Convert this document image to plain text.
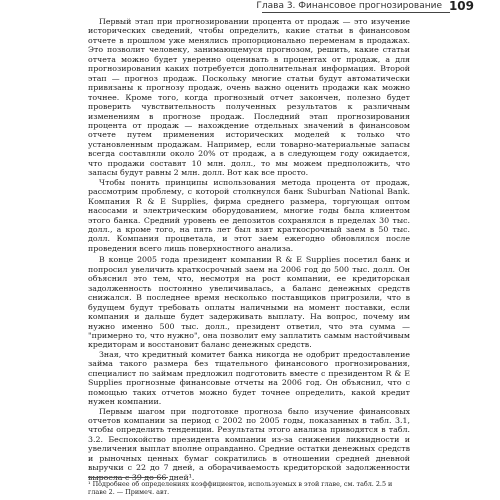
Глава 3. Финансовое прогнозирование 109

Первый этап при прогнозировании процента от продаж — это изучение исторических сведений, чтобы определить, какие статьи в финансовом отчете в прошлом уже менялись пропорционально переменам в продажах. Это позволит человеку, занимающемуся прогнозом, решить, какие статьи отчета можно будет уверенно оценивать в процентах от продаж, а для прогнозирования каких потребуется дополнительная информация. Второй этап — прогноз продаж. Поскольку многие статьи будут автоматически привязаны к прогнозу продаж, очень важно оценить продажи как можно точнее. Кроме того, когда прогнозный отчет закончен, полезно будет проверить чувствительность полученных результатов к различным изменениям в прогнозе продаж. Последний этап прогнозирования процента от продаж — нахождение отдельных значений в финансовом отчете путем применения исторических моделей к только что установленным продажам. Например, если товарно-материальные запасы всегда составляли около 20% от продаж, а в следующем году ожидается, что продажи составят 10 млн. долл., то мы можем предположить, что запасы будут равны 2 млн. долл. Вот как все просто.

Чтобы понять принципы использования метода процента от продаж, рассмотрим проблему, с которой столкнулся банк Suburban National Bank. Компания R & E Supplies, фирма среднего размера, торгующая оптом насосами и электрическим оборудованием, многие годы была клиентом этого банка. Средний уровень ее депозитов сохранялся в пределах 30 тыс. долл., а кроме того, на пять лет был взят краткосрочный заем в 50 тыс. долл. Компания процветала, и этот заем ежегодно обновлялся после проведения всего лишь поверхностного анализа.

В конце 2005 года президент компании R & E Supplies посетил банк и попросил увеличить краткосрочный заем на 2006 год до 500 тыс. долл. Он объяснил это тем, что, несмотря на рост компании, ее кредиторская задолженность постоянно увеличивалась, а баланс денежных средств снижался. В последнее время несколько поставщиков пригрозили, что в будущем будут требовать оплаты наличными на момент поставки, если компания и дальше будет задерживать выплату. На вопрос, почему им нужно именно 500 тыс. долл., президент ответил, что эта сумма — "примерно то, что нужно", она позволит ему заплатить самым настойчивым кредиторам и восстановит баланс денежных средств.

Зная, что кредитный комитет банка никогда не одобрит предоставление займа такого размера без тщательного финансового прогнозирования, специалист по займам предложил подготовить вместе с президентом R & E Supplies прогнозные финансовые отчеты на 2006 год. Он объяснил, что с помощью таких отчетов можно будет точнее определить, какой кредит нужен компании.

Первым шагом при подготовке прогноза было изучение финансовых отчетов компании за период с 2002 по 2005 годы, показанных в табл. 3.1, чтобы определить тенденции. Результаты этого анализа приводятся в табл. 3.2. Беспокойство президента компании из-за снижения ликвидности и увеличения выплат вполне оправданно. Средние остатки денежных средств и рыночных ценных бумаг сократились в отношении средней дневной выручки с 22 до 7 дней, а оборачиваемость кредиторской задолженности выросла с 39 до 66 дней¹.

¹ Подробнее об определениях коэффициентов, используемых в этой главе, см. табл. 2.5 и главе 2. — Примеч. авт.
